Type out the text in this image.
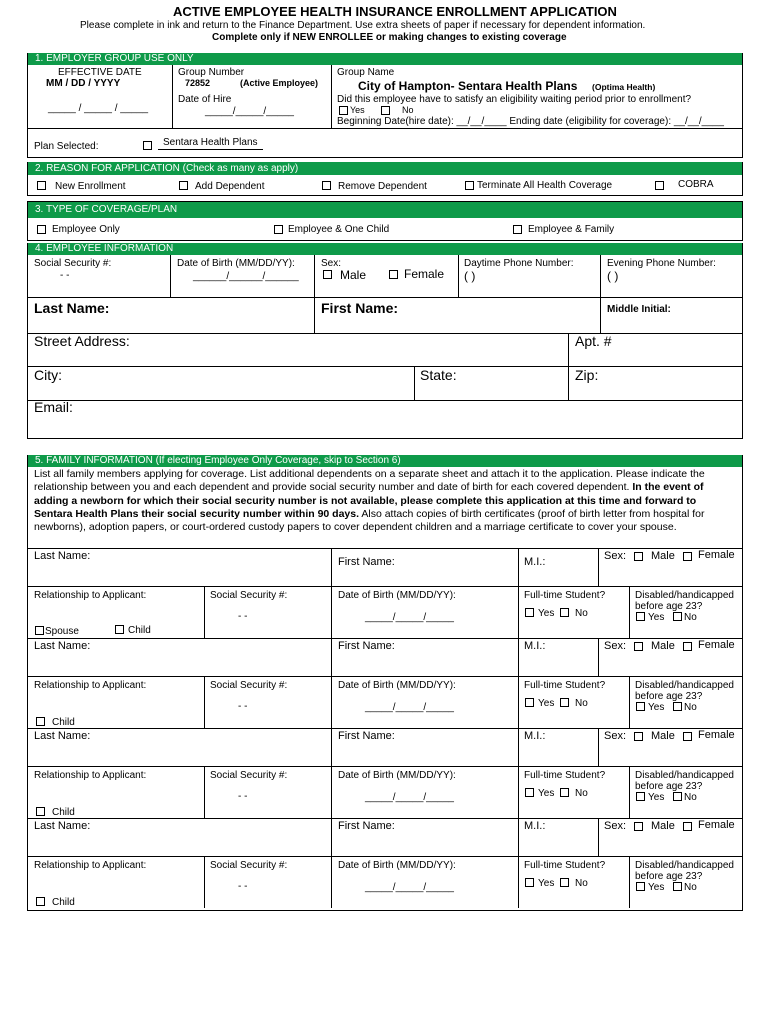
ACTIVE EMPLOYEE HEALTH INSURANCE ENROLLMENT APPLICATION
Please complete in ink and return to the Finance Department. Use extra sheets of paper if necessary for dependent information.
Complete only if NEW ENROLLEE or making changes to existing coverage
1. EMPLOYER GROUP USE ONLY
EFFECTIVE DATE
MM / DD / YYYY
_____ / _____ / _____
Group Number
72852	(Active Employee)
Date of Hire
_____/_____/_____
Group Name
City of Hampton- Sentara Health Plans (Optima Health)
Did this employee have to satisfy an eligibility waiting period prior to enrollment?
Yes	No
Beginning Date(hire date): __/__/____ Ending date (eligibility for coverage): __/__/____
Plan Selected:	Sentara Health Plans
2. REASON FOR APPLICATION (Check as many as apply)
New Enrollment	Add Dependent	Remove Dependent	Terminate All Health Coverage	COBRA
3. TYPE OF COVERAGE/PLAN
Employee Only	Employee & One Child	Employee & Family
4. EMPLOYEE INFORMATION
Social Security #:
- -
Date of Birth (MM/DD/YY):
______/______/______
Sex:
Male	Female
Daytime Phone Number:
( )
Evening Phone Number:
( )
Last Name:	First Name:	Middle Initial:
Street Address:	Apt. #
City:	State:	Zip:
Email:
5. FAMILY INFORMATION (If electing Employee Only Coverage, skip to Section 6)
List all family members applying for coverage. List additional dependents on a separate sheet and attach it to the application. Please indicate the relationship between you and each dependent and provide social security number and date of birth for each covered dependent. In the event of adding a newborn for which their social security number is not available, please complete this application at this time and forward to Sentara Health Plans their social security number within 90 days. Also attach copies of birth certificates (proof of birth letter from hospital for newborns), adoption papers, or court-ordered custody papers to cover dependent children and a marriage certificate to cover your spouse.
Last Name:	First Name:	M.I.:	Sex: Male Female
Relationship to Applicant:	Social Security #:
- -
Date of Birth (MM/DD/YY):
_____/_____/_____
Full-time Student?
Yes No
Disabled/handicapped
before age 23?
Yes No
Spouse	Child
Last Name:	First Name:	M.I.:	Sex: Male Female
Relationship to Applicant:	Social Security #:
- -
Date of Birth (MM/DD/YY):
_____/_____/_____
Full-time Student?
Yes No
Disabled/handicapped
before age 23?
Yes No
Child
Last Name:	First Name:	M.I.:	Sex: Male Female
Relationship to Applicant:	Social Security #:
- -
Date of Birth (MM/DD/YY):
_____/_____/_____
Full-time Student?
Yes No
Disabled/handicapped
before age 23?
Yes No
Child
Last Name:	First Name:	M.I.:	Sex: Male Female
Relationship to Applicant:	Social Security #:
- -
Date of Birth (MM/DD/YY):
_____/_____/_____
Full-time Student?
Yes No
Disabled/handicapped
before age 23?
Yes No
Child
